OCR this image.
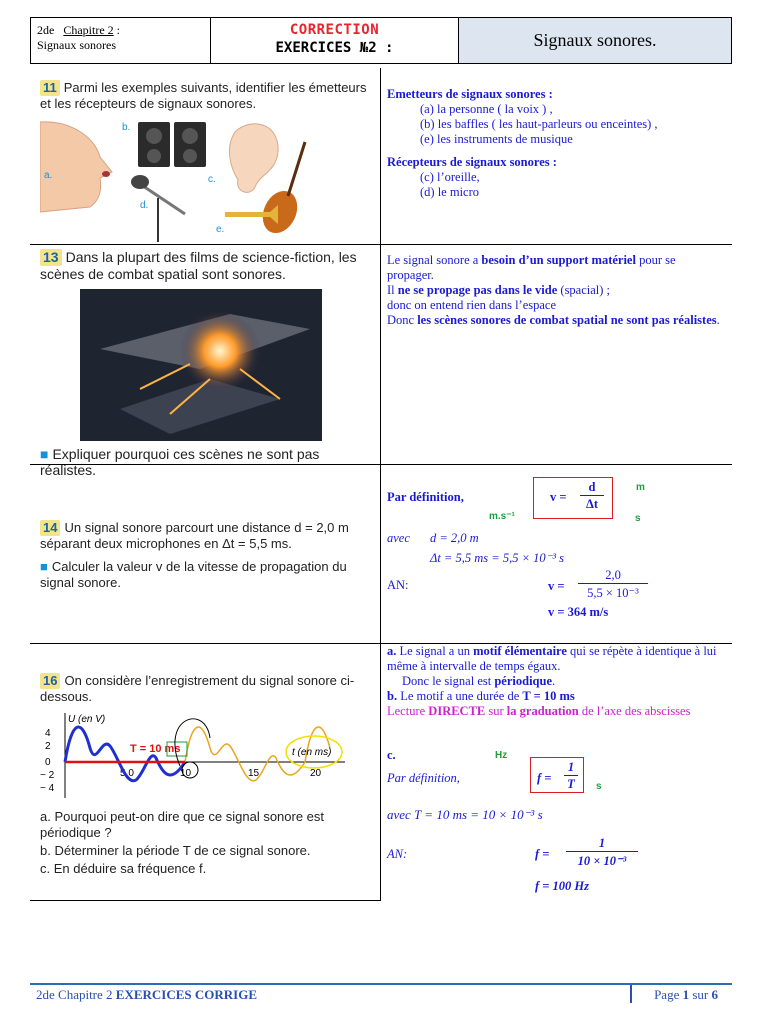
2de Chapitre 2 :
Signaux sonores
CORRECTION
EXERCICES №2 :	Signaux sonores.
11 Parmi les exemples suivants, identifier les émetteurs et les récepteurs de signaux sonores.
a.
b.
c.
d.
e.
Emetteurs de signaux sonores :
(a) la personne ( la voix ) ,
(b) les baffles ( les haut-parleurs ou enceintes) ,
(e) les instruments de musique
Récepteurs de signaux sonores :
(c) l’oreille,
(d) le micro
13 Dans la plupart des films de science-fiction, les scènes de combat spatial sont sonores.
■ Expliquer pourquoi ces scènes ne sont pas réalistes.
Le signal sonore a besoin d’un support matériel pour se propager.
Il ne se propage pas dans le vide (spacial) ;
donc on entend rien dans l’espace
Donc les scènes sonores de combat spatial ne sont pas réalistes.
14 Un signal sonore parcourt une distance d = 2,0 m séparant deux microphones en Δt = 5,5 ms.
■ Calculer la valeur v de la vitesse de propagation du signal sonore.
Par définition,	v =
d
Δt
m
m.s⁻¹	s
avec d = 2,0 m
Δt = 5,5 ms = 5,5 × 10⁻³ s
AN:	v =
2,0
5,5 × 10⁻³
v = 364 m/s
16 On considère l’enregistrement du signal sonore ci-dessous.
U (en V)
4
2
0
− 2
− 4
5,0	10	15	20
T = 10 ms	t (en ms)
a. Pourquoi peut-on dire que ce signal sonore est périodique ?
b. Déterminer la période T de ce signal sonore.
c. En déduire sa fréquence f.
a. Le signal a un motif élémentaire qui se répète à identique à lui même à intervalle de temps égaux.
Donc le signal est périodique.
b. Le motif a une durée de T = 10 ms
Lecture DIRECTE sur la graduation de l’axe des abscisses
c.	Hz
Par définition,	f =
1
T	s
avec T = 10 ms = 10 × 10⁻³ s
AN:	f =
1
10 × 10⁻³
f = 100 Hz
2de Chapitre 2 EXERCICES CORRIGE	Page 1 sur 6
